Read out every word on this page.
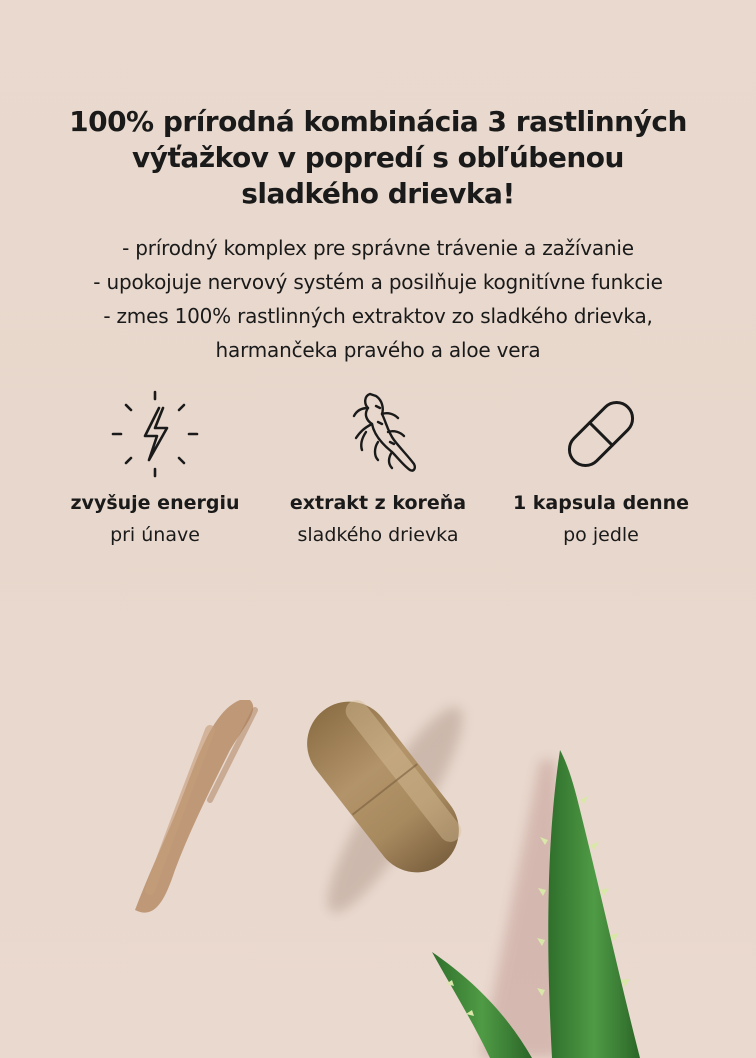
100% prírodná kombinácia 3 rastlinných
výťažkov v popredí s obľúbenou
sladkého drievka!
- prírodný komplex pre správne trávenie a zažívanie
- upokojuje nervový systém a posilňuje kognitívne funkcie
- zmes 100% rastlinných extraktov zo sladkého drievka,
harmančeka pravého a aloe vera
zvyšuje energiu
pri únave
extrakt z koreňa
sladkého drievka
1 kapsula denne
po jedle
